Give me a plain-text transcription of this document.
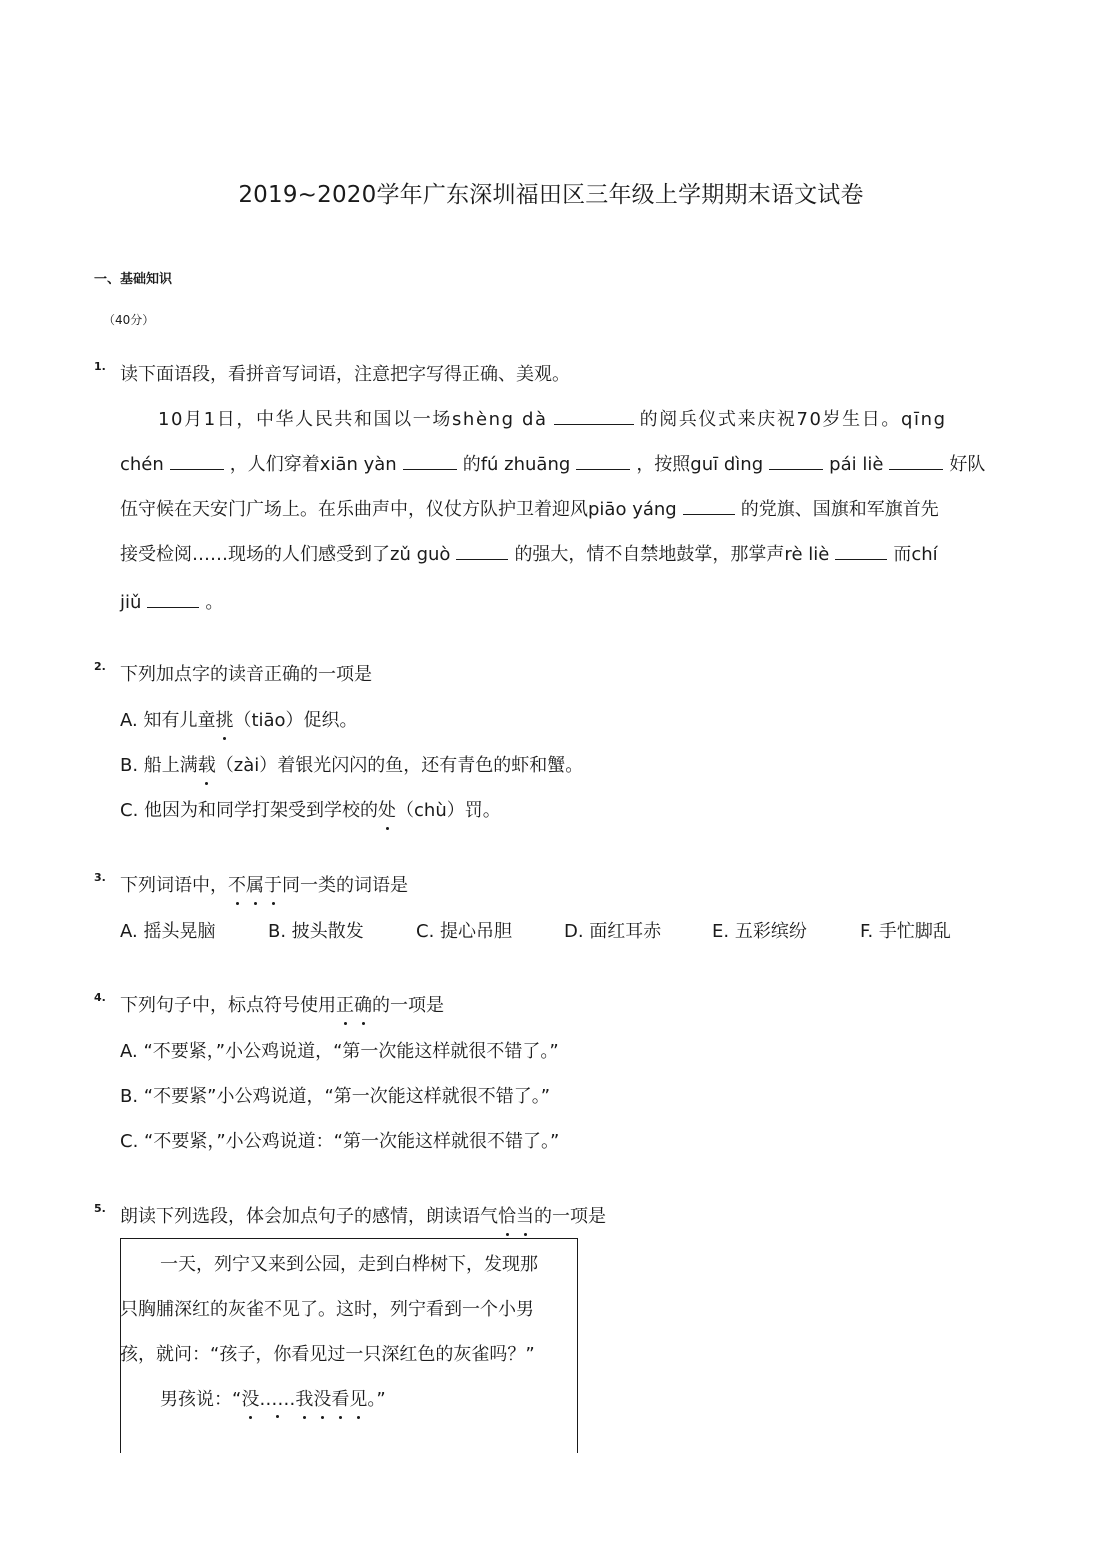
2019~2020学年广东深圳福田区三年级上学期期末语文试卷
一、基础知识
（40分）
1. 读下面语段，看拼音写词语，注意把字写得正确、美观。
10月1日，中华人民共和国以一场shèng dà	的阅兵仪式来庆祝70岁生日。qīng
chén	，人们穿着xiān yàn	的fú zhuāng	，按照guī dìng	pái liè	好队
伍守候在天安门广场上。在乐曲声中，仪仗方队护卫着迎风piāo yáng	的党旗、国旗和军旗首先
接受检阅……现场的人们感受到了zǔ guò	的强大，情不自禁地鼓掌，那掌声rè liè	而chí
jiǔ	。
2. 下列加点字的读音正确的一项是
A. 知有儿童挑（tiāo）促织。
B. 船上满载（zài）着银光闪闪的鱼，还有青色的虾和蟹。
C. 他因为和同学打架受到学校的处（chù）罚。
3. 下列词语中，不属于同一类的词语是
A. 摇头晃脑	B. 披头散发	C. 提心吊胆	D. 面红耳赤	E. 五彩缤纷	F. 手忙脚乱
4. 下列句子中，标点符号使用正确的一项是
A. “不要紧，”小公鸡说道，“第一次能这样就很不错了。”
B. “不要紧”小公鸡说道，“第一次能这样就很不错了。”
C. “不要紧，”小公鸡说道：“第一次能这样就很不错了。”
5. 朗读下列选段，体会加点句子的感情，朗读语气恰当的一项是
一天，列宁又来到公园，走到白桦树下，发现那
只胸脯深红的灰雀不见了。这时，列宁看到一个小男
孩，就问：“孩子，你看见过一只深红色的灰雀吗？”
男孩说：“没……我没看见。”
